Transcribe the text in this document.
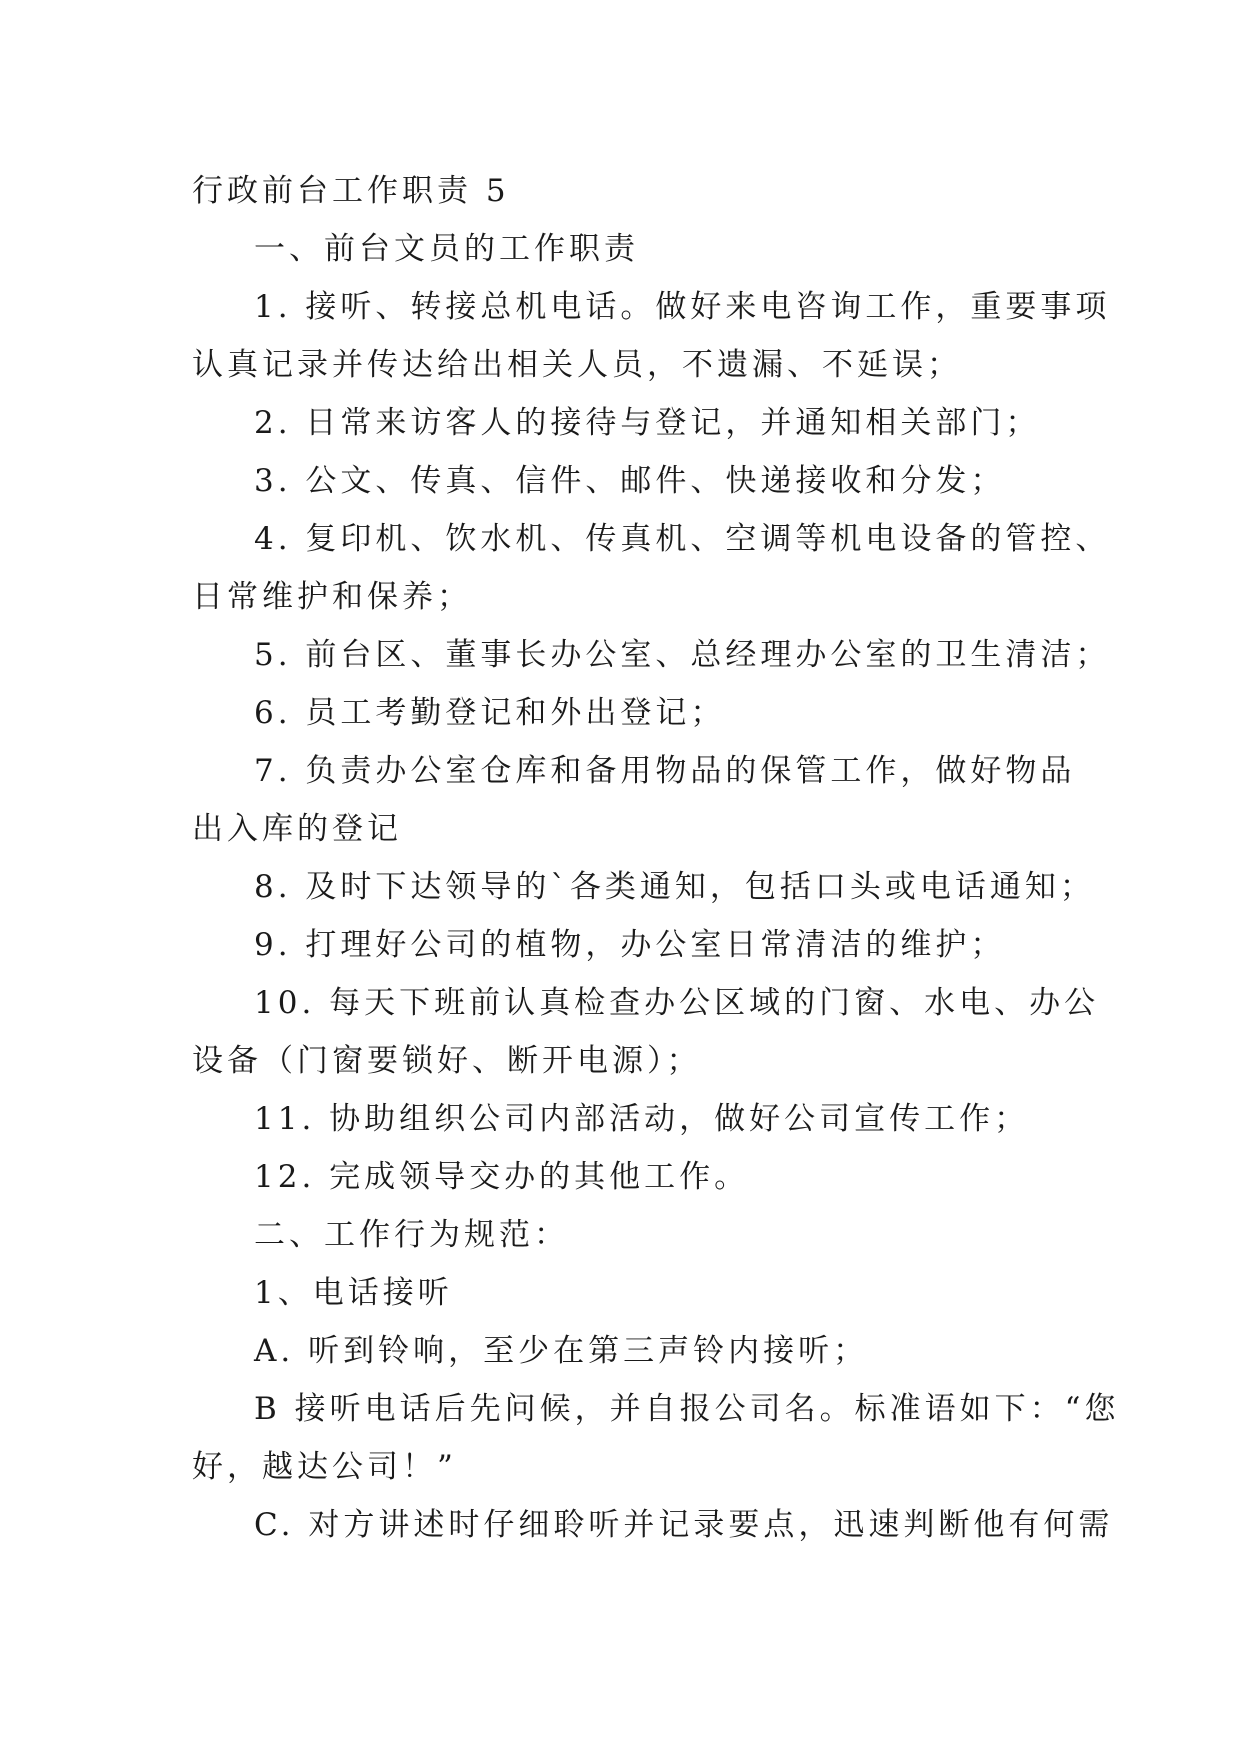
行政前台工作职责 5
一、前台文员的工作职责
1. 接听、转接总机电话。做好来电咨询工作，重要事项
认真记录并传达给出相关人员，不遗漏、不延误；
2. 日常来访客人的接待与登记，并通知相关部门；
3. 公文、传真、信件、邮件、快递接收和分发；
4. 复印机、饮水机、传真机、空调等机电设备的管控、
日常维护和保养；
5. 前台区、董事长办公室、总经理办公室的卫生清洁；
6. 员工考勤登记和外出登记；
7. 负责办公室仓库和备用物品的保管工作，做好物品
出入库的登记
8. 及时下达领导的`各类通知，包括口头或电话通知；
9. 打理好公司的植物，办公室日常清洁的维护；
10. 每天下班前认真检查办公区域的门窗、水电、办公
设备（门窗要锁好、断开电源）；
11. 协助组织公司内部活动，做好公司宣传工作；
12. 完成领导交办的其他工作。
二、工作行为规范：
1、电话接听
A. 听到铃响，至少在第三声铃内接听；
B 接听电话后先问候，并自报公司名。标准语如下：“您
好，越达公司！”
C. 对方讲述时仔细聆听并记录要点，迅速判断他有何需
